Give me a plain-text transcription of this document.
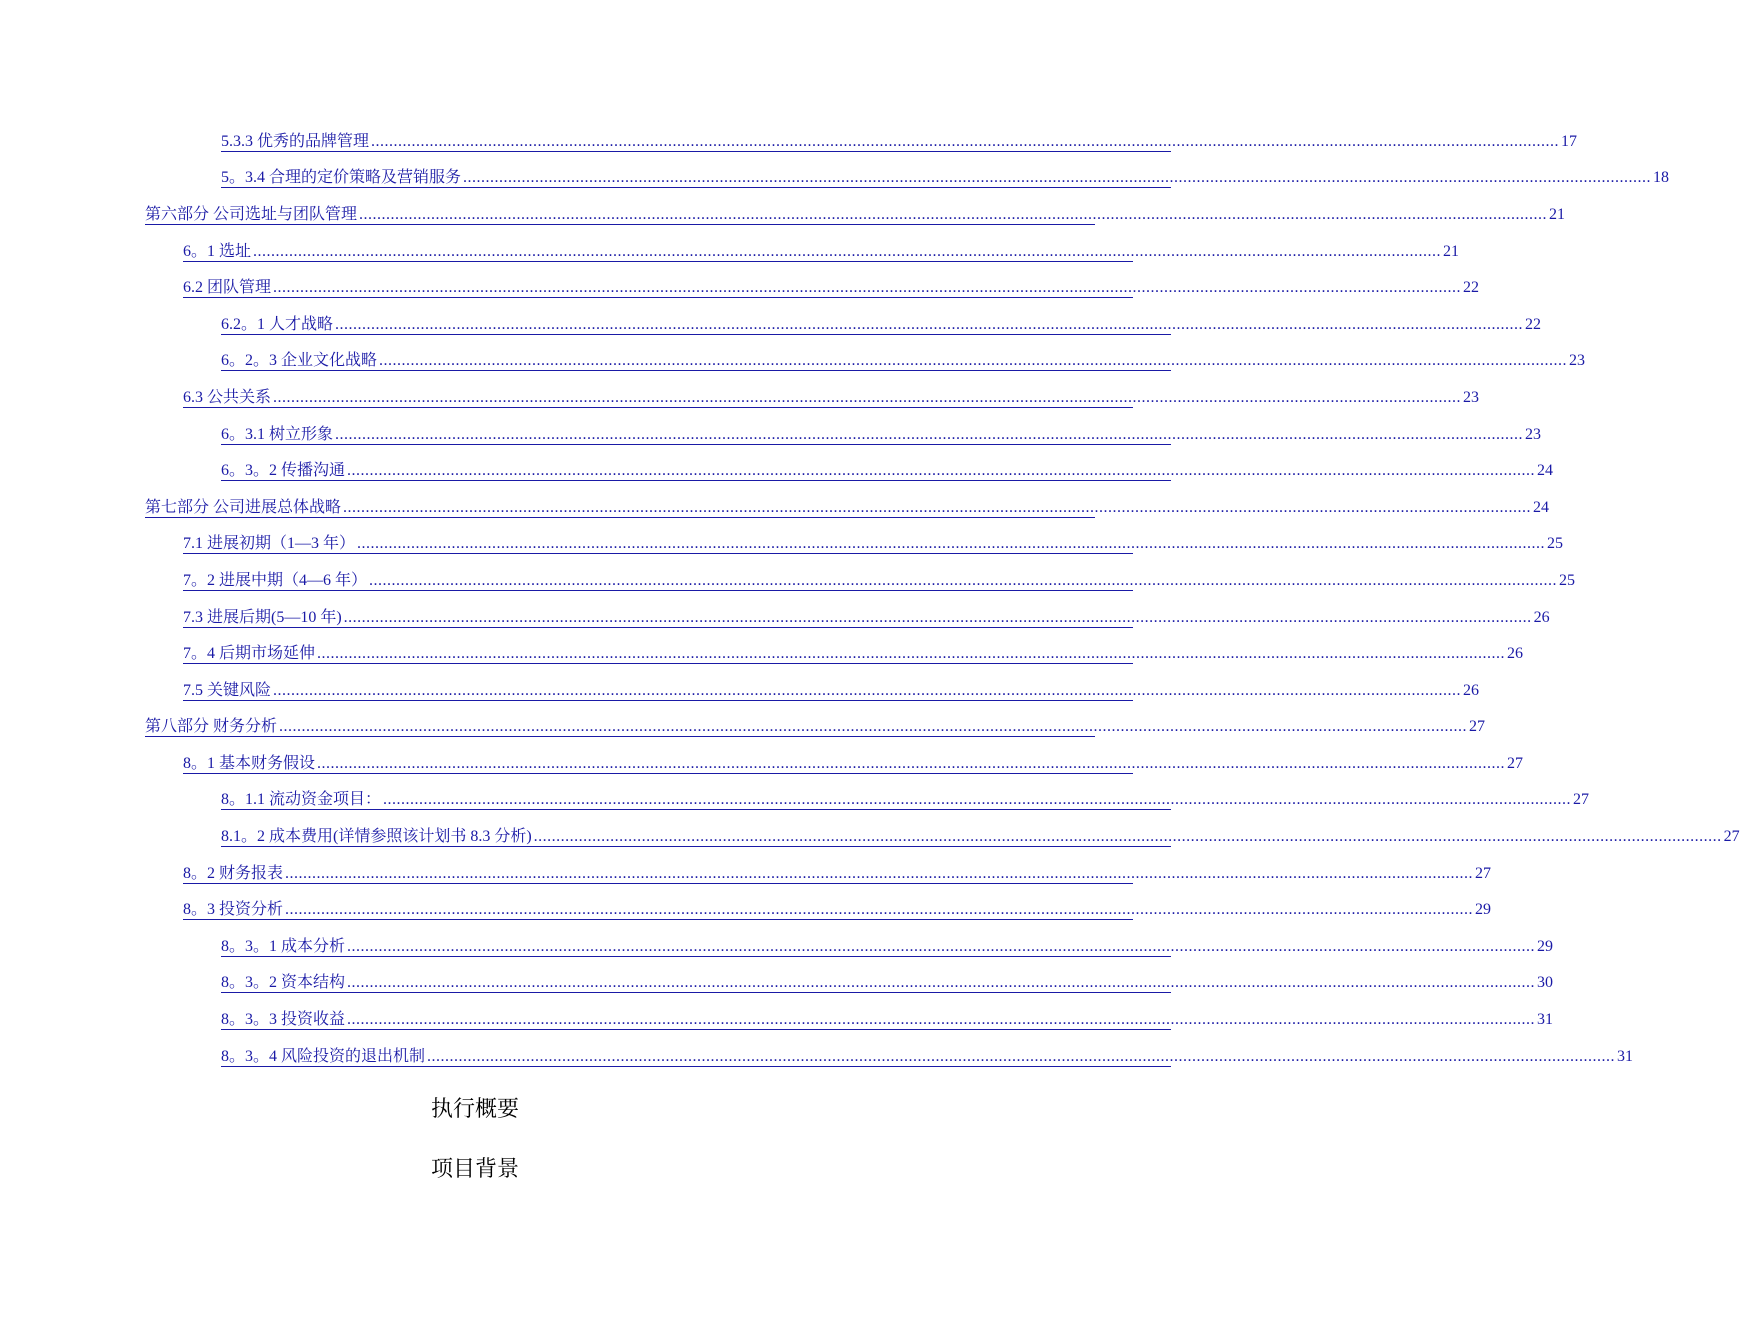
5.3.3 优秀的品牌管理 .....	17
5。3.4 合理的定价策略及营销服务 .....	18
第六部分 公司选址与团队管理 .....	21
6。1 选址 .....	21
6.2 团队管理 .....	22
6.2。1 人才战略 .....	22
6。2。3 企业文化战略 .....	23
6.3 公共关系 .....	23
6。3.1 树立形象 .....	23
6。3。2 传播沟通 .....	24
第七部分 公司进展总体战略 .....	24
7.1 进展初期（1—3 年） .....	25
7。2 进展中期（4—6 年） .....	25
7.3 进展后期(5—10 年) .....	26
7。4 后期市场延伸 .....	26
7.5 关键风险 .....	26
第八部分 财务分析 .....	27
8。1 基本财务假设 .....	27
8。1.1 流动资金项目： .....	27
8.1。2 成本费用(详情参照该计划书 8.3 分析) .....	27
8。2 财务报表 .....	27
8。3 投资分析 .....	29
8。3。1 成本分析 .....	29
8。3。2 资本结构 .....	30
8。3。3 投资收益 .....	31
8。3。4 风险投资的退出机制 .....	31
执行概要
项目背景
